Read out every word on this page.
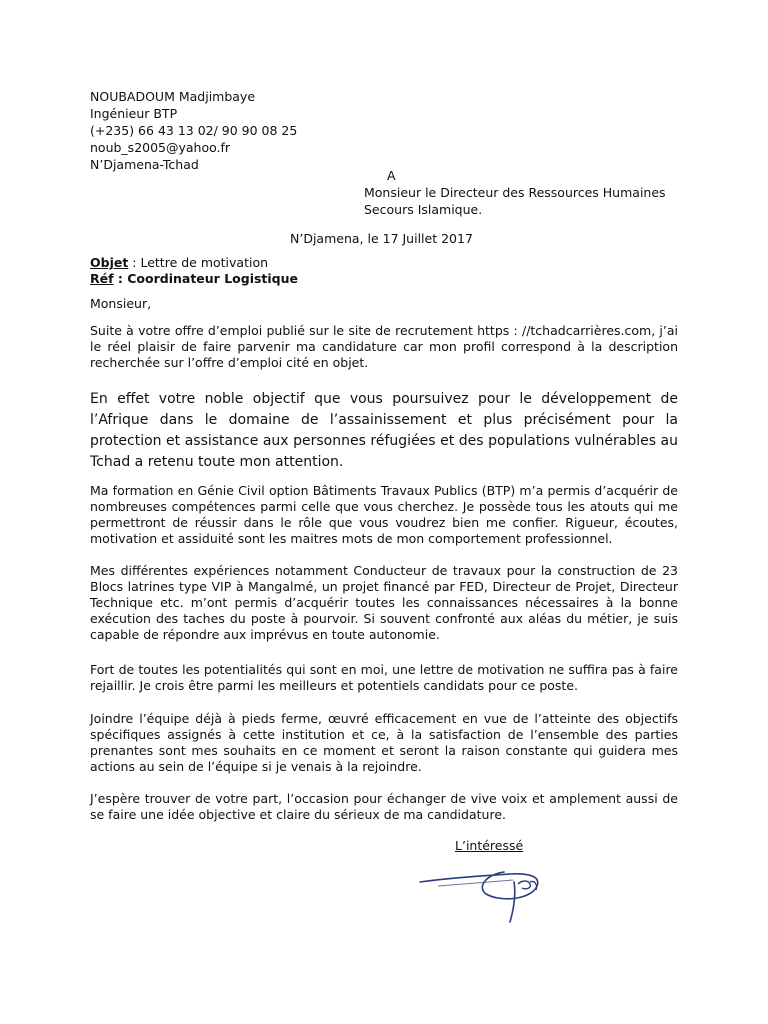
NOUBADOUM Madjimbaye
Ingénieur BTP
(+235) 66 43 13 02/ 90 90 08 25
noub_s2005@yahoo.fr
N’Djamena-Tchad
A
Monsieur le Directeur des Ressources Humaines
Secours Islamique.
N’Djamena, le 17 Juillet 2017
Objet : Lettre de motivation
Réf : Coordinateur Logistique
Monsieur,

Suite à votre offre d’emploi publié sur le site de recrutement https : //tchadcarrières.com, j’ai le réel plaisir de faire parvenir ma candidature car mon profil correspond à la description recherchée sur l’offre d’emploi cité en objet.

En effet votre noble objectif que vous poursuivez pour le développement de l’Afrique dans le domaine de l’assainissement et plus précisément pour la protection et assistance aux personnes réfugiées et des populations vulnérables au Tchad a retenu toute mon attention.

Ma formation en Génie Civil option Bâtiments Travaux Publics (BTP) m’a permis d’acquérir de nombreuses compétences parmi celle que vous cherchez. Je possède tous les atouts qui me permettront de réussir dans le rôle que vous voudrez bien me confier. Rigueur, écoutes, motivation et assiduité sont les maitres mots de mon comportement professionnel.

Mes différentes expériences notamment Conducteur de travaux pour la construction de 23 Blocs latrines type VIP à Mangalmé, un projet financé par FED, Directeur de Projet, Directeur Technique etc. m’ont permis d’acquérir toutes les connaissances nécessaires à la bonne exécution des taches du poste à pourvoir. Si souvent confronté aux aléas du métier, je suis capable de répondre aux imprévus en toute autonomie.

Fort de toutes les potentialités qui sont en moi, une lettre de motivation ne suffira pas à faire rejaillir. Je crois être parmi les meilleurs et potentiels candidats pour ce poste.

Joindre l’équipe déjà à pieds ferme, œuvré efficacement en vue de l’atteinte des objectifs spécifiques assignés à cette institution et ce, à la satisfaction de l’ensemble des parties prenantes sont mes souhaits en ce moment et seront la raison constante qui guidera mes actions au sein de l’équipe si je venais à la rejoindre.

J’espère trouver de votre part, l’occasion pour échanger de vive voix et amplement aussi de se faire une idée objective et claire du sérieux de ma candidature.

L’intéressé
